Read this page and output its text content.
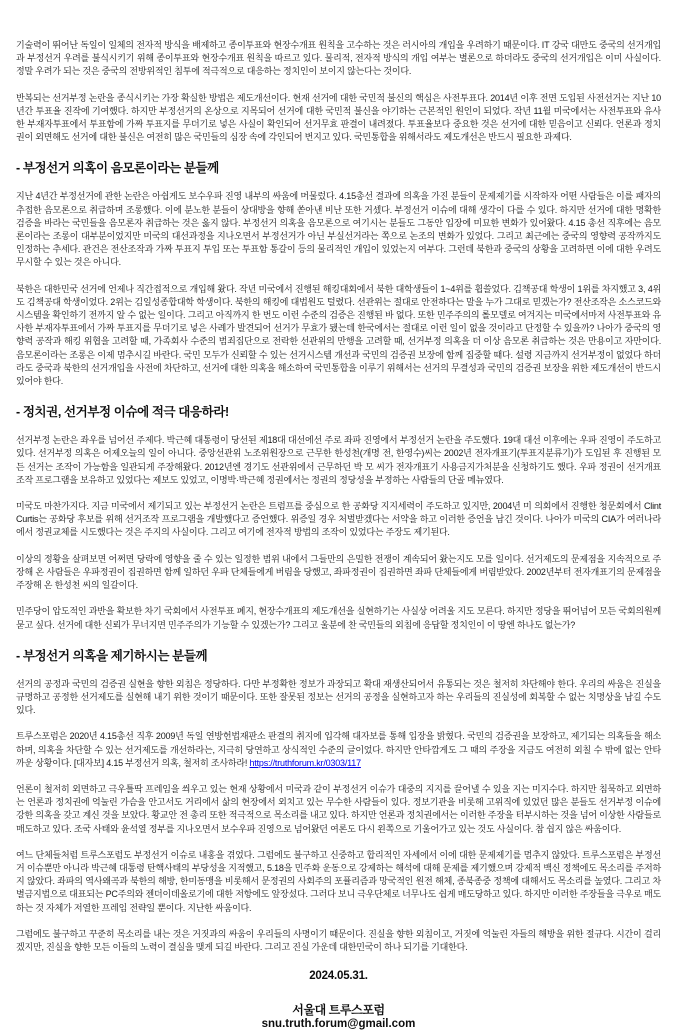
기술력이 뛰어난 독일이 일체의 전자적 방식을 배제하고 종이투표와 현장수개표 원칙을 고수하는 것은 러시아의 개입을 우려하기 때문이다. IT 강국 대만도 중국의 선거개입과 부정선거 우려를 불식시키기 위해 종이투표와 현장수개표 원칙을 따르고 있다. 물리적, 전자적 방식의 개입 여부는 별론으로 하더라도 중국의 선거개입은 이미 사실이다. 정말 우려가 되는 것은 중국의 전방위적인 침투에 적극적으로 대응하는 정치인이 보이지 않는다는 것이다.

반복되는 선거부정 논란을 종식시키는 가장 확실한 방법은 제도개선이다. 현재 선거에 대한 국민적 불신의 핵심은 사전투표다. 2014년 이후 전면 도입된 사전선거는 지난 10년간 투표율 진작에 기여했다. 하지만 부정선거의 온상으로 지목되어 선거에 대한 국민적 불신을 야기하는 근본적인 원인이 되었다. 작년 11월 미국에서는 사전투표와 유사한 부재자투표에서 투표함에 가짜 투표지를 무더기로 넣은 사실이 확인되어 선거무효 판결이 내려졌다. 투표율보다 중요한 것은 선거에 대한 믿음이고 신뢰다. 언론과 정치권이 외면해도 선거에 대한 불신은 여전히 많은 국민들의 심장 속에 각인되어 번지고 있다. 국민통합을 위해서라도 제도개선은 반드시 필요한 과제다.

- 부정선거 의혹이 음모론이라는 분들께

지난 4년간 부정선거에 관한 논란은 아쉽게도 보수우파 진영 내부의 싸움에 머물렀다. 4.15총선 결과에 의혹을 가진 분들이 문제제기를 시작하자 어떤 사람들은 이를 패자의 추접한 음모론으로 취급하며 조롱했다. 이에 분노한 분들이 상대방을 향해 쏟아낸 비난 또한 거셌다. 부정선거 이슈에 대해 생각이 다를 수 있다. 하지만 선거에 대한 명확한 검증을 바라는 국민들을 음모론자 취급하는 것은 옳지 않다. 부정선거 의혹을 음모론으로 여기시는 분들도 그동안 입장에 미묘한 변화가 있어왔다. 4.15 총선 직후에는 음모론이라는 조롱이 대부분이었지만 미국의 대선과정을 지나오면서 부정선거가 아닌 부실선거라는 쪽으로 논조의 변화가 있었다. 그리고 최근에는 중국의 영향력 공작까지도 인정하는 추세다. 관건은 전산조작과 가짜 투표지 투입 또는 투표함 통갈이 등의 물리적인 개입이 있었는지 여부다. 그런데 북한과 중국의 상황을 고려하면 이에 대한 우려도 무시할 수 있는 것은 아니다.

북한은 대한민국 선거에 언제나 직간접적으로 개입해 왔다. 작년 미국에서 진행된 해킹대회에서 북한 대학생들이 1~4위를 휩쓸었다. 김책공대 학생이 1위를 차지했고 3, 4위도 김책공대 학생이었다. 2위는 김일성종합대학 학생이다. 북한의 해킹에 대법원도 털렸다. 선관위는 절대로 안전하다는 말을 누가 그대로 믿겠는가? 전산조작은 소스코드와 시스템을 확인하기 전까지 알 수 없는 일이다. 그리고 아직까지 한 번도 이런 수준의 검증은 진행된 바 없다. 또한 민주주의의 롤모델로 여겨지는 미국에서마저 사전투표와 유사한 부재자투표에서 가짜 투표지를 무더기로 넣은 사례가 발견되어 선거가 무효가 됐는데 한국에서는 절대로 이런 일이 없을 것이라고 단정할 수 있을까? 나아가 중국의 영향력 공작과 해킹 위협을 고려할 때, 가족회사 수준의 범죄집단으로 전락한 선관위의 만행을 고려할 때, 선거부정 의혹을 더 이상 음모론 취급하는 것은 만용이고 자만이다. 음모론이라는 조롱은 이제 멈추시길 바란다. 국민 모두가 신뢰할 수 있는 선거시스템 개선과 국민의 검증권 보장에 함께 집중할 때다. 설령 지금까지 선거부정이 없었다 하더라도 중국과 북한의 선거개입을 사전에 차단하고, 선거에 대한 의혹을 해소하여 국민통합을 이루기 위해서는 선거의 무결성과 국민의 검증권 보장을 위한 제도개선이 반드시 있어야 한다.

- 정치권, 선거부정 이슈에 적극 대응하라!

선거부정 논란은 좌우를 넘어선 주제다. 박근혜 대통령이 당선된 제18대 대선에선 주로 좌파 진영에서 부정선거 논란을 주도했다. 19대 대선 이후에는 우파 진영이 주도하고 있다. 선거부정 의혹은 어제오늘의 일이 아니다. 중앙선관위 노조위원장으로 근무한 한성천(개명 전, 한영수)씨는 2002년 전자개표기(투표지분류기)가 도입된 후 진행된 모든 선거는 조작이 가능함을 일관되게 주장해왔다. 2012년엔 경기도 선관위에서 근무하던 박 모 씨가 전자개표기 사용금지가처분을 신청하기도 했다. 우파 정권이 선거개표 조작 프로그램을 보유하고 있었다는 제보도 있었고, 이명박·박근혜 정권에서는 정권의 정당성을 부정하는 사람들의 단골 메뉴였다.

미국도 마찬가지다. 지금 미국에서 제기되고 있는 부정선거 논란은 트럼프를 중심으로 한 공화당 지지세력이 주도하고 있지만, 2004년 미 의회에서 진행한 청문회에서 Clint Curtis는 공화당 후보를 위해 선거조작 프로그램을 개발했다고 증언했다. 위증일 경우 처벌받겠다는 서약을 하고 이러한 증언을 남긴 것이다. 나아가 미국의 CIA가 여러나라에서 정권교체를 시도했다는 것은 주지의 사실이다. 그리고 여기에 전자적 방법의 조작이 있었다는 주장도 제기된다.

이상의 정황을 살펴보면 어쩌면 당락에 영향을 줄 수 있는 일정한 범위 내에서 그들만의 은밀한 전쟁이 계속되어 왔는지도 모를 일이다. 선거제도의 문제점을 지속적으로 주장해 온 사람들은 우파정권이 집권하면 함께 일하던 우파 단체들에게 버림을 당했고, 좌파정권이 집권하면 좌파 단체들에게 버림받았다. 2002년부터 전자개표기의 문제점을 주장해 온 한성천 씨의 일갈이다.

민주당이 압도적인 과반을 확보한 차기 국회에서 사전투표 폐지, 현장수개표의 제도개선을 실현하기는 사실상 어려울 지도 모른다. 하지만 정당을 뛰어넘어 모든 국회의원께 묻고 싶다. 선거에 대한 신뢰가 무너지면 민주주의가 기능할 수 있겠는가? 그리고 울분에 찬 국민들의 외침에 응답할 정치인이 이 땅엔 하나도 없는가?

- 부정선거 의혹을 제기하시는 분들께

선거의 공정과 국민의 검증권 실현을 향한 외침은 정당하다. 다만 부정확한 정보가 과장되고 확대 재생산되어서 유통되는 것은 철저히 차단해야 한다. 우리의 싸움은 진실을 규명하고 공정한 선거제도를 실현해 내기 위한 것이기 때문이다. 또한 잘못된 정보는 선거의 공정을 실현하고자 하는 우리들의 진실성에 회복할 수 없는 치명상을 남길 수도 있다.

트루스포럼은 2020년 4.15총선 직후 2009년 독일 연방헌법재판소 판결의 취지에 입각해 대자보를 통해 입장을 밝혔다. 국민의 검증권을 보장하고, 제기되는 의혹들을 해소하며, 의혹을 차단할 수 있는 선거제도를 개선하라는, 지극히 당연하고 상식적인 수준의 글이었다. 하지만 안타깝게도 그 때의 주장을 지금도 여전히 외칠 수 밖에 없는 안타까운 상황이다. [대자보] 4.15 부정선거 의혹, 철저히 조사하라! https://truthforum.kr/0303/117

언론이 철저히 외면하고 극우틀딱 프레임을 씌우고 있는 현재 상황에서 미국과 같이 부정선거 이슈가 대중의 지지를 끌어낼 수 있을 지는 미지수다. 하지만 침묵하고 외면하는 언론과 정치권에 억눌린 가슴을 안고서도 거리에서 삶의 현장에서 외치고 있는 무수한 사람들이 있다. 정보기관을 비롯해 고위직에 있었던 많은 분들도 선거부정 이슈에 강한 의혹을 갖고 계신 것을 보았다. 황교안 전 총리 또한 적극적으로 목소리를 내고 있다. 하지만 언론과 정치권에서는 이러한 주장을 터부시하는 것을 넘어 이상한 사람들로 매도하고 있다. 조국 사태와 윤석열 정부를 지나오면서 보수우파 진영으로 넘어왔던 여론도 다시 왼쪽으로 기울어가고 있는 것도 사실이다. 참 쉽지 않은 싸움이다.

여느 단체들처럼 트루스포럼도 부정선거 이슈로 내홍을 겪었다. 그럼에도 불구하고 신중하고 합리적인 자세에서 이에 대한 문제제기를 멈추지 않았다. 트루스포럼은 부정선거 이슈뿐만 아니라 박근혜 대통령 탄핵사태의 부당성을 지적했고, 5.18을 민주화 운동으로 강제하는 해석에 대해 문제를 제기했으며 강제적 백신 정책에도 목소리를 주저하지 않았다. 좌파의 역사왜곡과 북한의 해방, 한미동맹을 비롯해서 문정권의 사회주의 포퓰리즘과 망국적인 원전 해체, 종북종중 정책에 대해서도 목소리를 높였다. 그리고 차별금지법으로 대표되는 PC주의와 젠더이데올로기에 대한 저항에도 앞장섰다. 그러다 보니 극우단체로 너무나도 쉽게 매도당하고 있다. 하지만 이러한 주장들을 극우로 매도하는 것 자체가 저열한 프레임 전략일 뿐이다. 지난한 싸움이다.

그럼에도 불구하고 꾸준히 목소리를 내는 것은 거짓과의 싸움이 우리들의 사명이기 때문이다. 진실을 향한 외침이고, 거짓에 억눌린 자들의 해방을 위한 절규다. 시간이 걸리겠지만, 진실을 향한 모든 이들의 노력이 결실을 맺게 되길 바란다. 그리고 진실 가운데 대한민국이 하나 되기를 기대한다.

2024.05.31.
서울대 트루스포럼
snu.truth.forum@gmail.com
